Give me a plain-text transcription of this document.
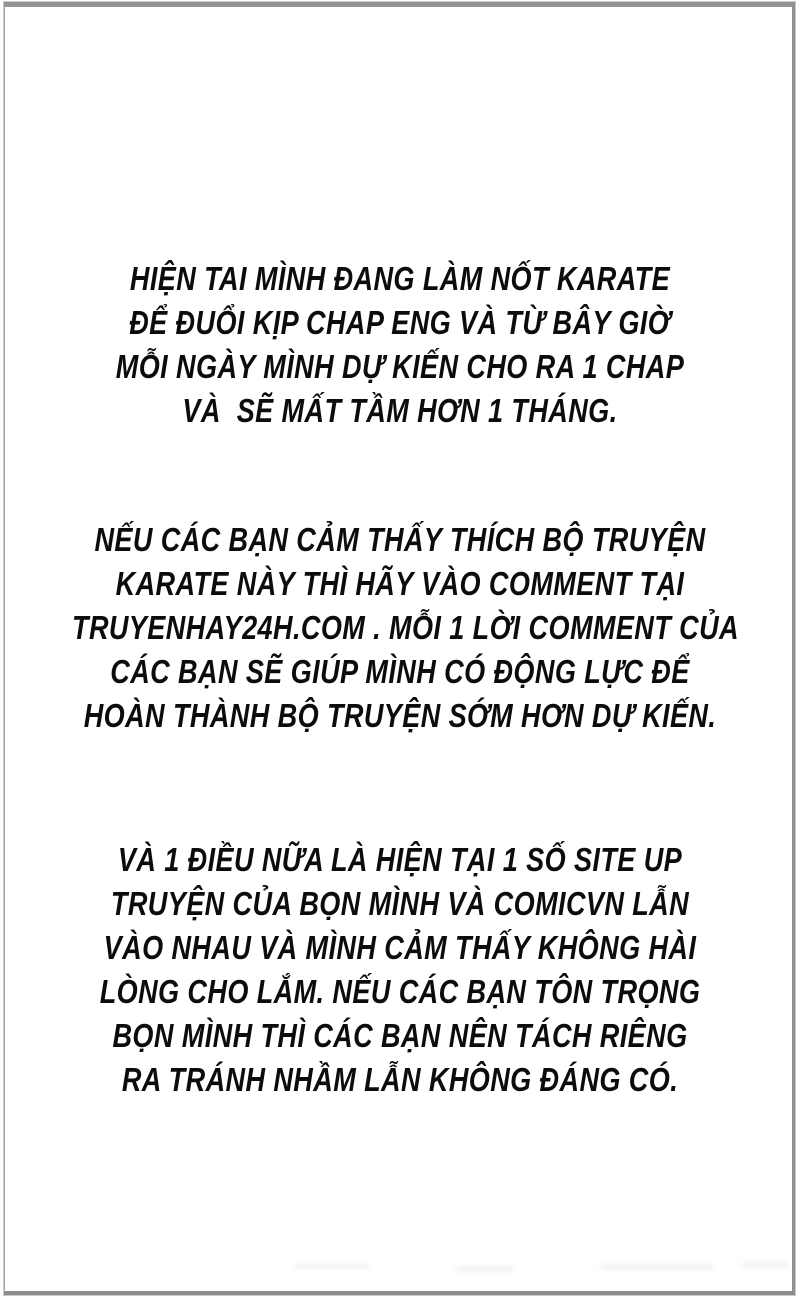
HIỆN TAI MÌNH ĐANG LÀM NỐT KARATE
ĐỂ ĐUỔI KỊP CHAP ENG VÀ TỪ BÂY GIỜ
MỖI NGÀY MÌNH DỰ KIẾN CHO RA 1 CHAP
VÀ  SẼ MẤT TẦM HƠN 1 THÁNG.

NẾU CÁC BẠN CẢM THẤY THÍCH BỘ TRUYỆN
KARATE NÀY THÌ HÃY VÀO COMMENT TẠI
TRUYENHAY24H.COM . MỖI 1 LỜI COMMENT CỦA
CÁC BẠN SẼ GIÚP MÌNH CÓ ĐỘNG LỰC ĐỂ
HOÀN THÀNH BỘ TRUYỆN SỚM HƠN DỰ KIẾN.

VÀ 1 ĐIỀU NỮA LÀ HIỆN TẠI 1 SỐ SITE UP
TRUYỆN CỦA BỌN MÌNH VÀ COMICVN LẪN
VÀO NHAU VÀ MÌNH CẢM THẤY KHÔNG HÀI
LÒNG CHO LẮM. NẾU CÁC BẠN TÔN TRỌNG
BỌN MÌNH THÌ CÁC BẠN NÊN TÁCH RIÊNG
RA TRÁNH NHẦM LẪN KHÔNG ĐÁNG CÓ.
